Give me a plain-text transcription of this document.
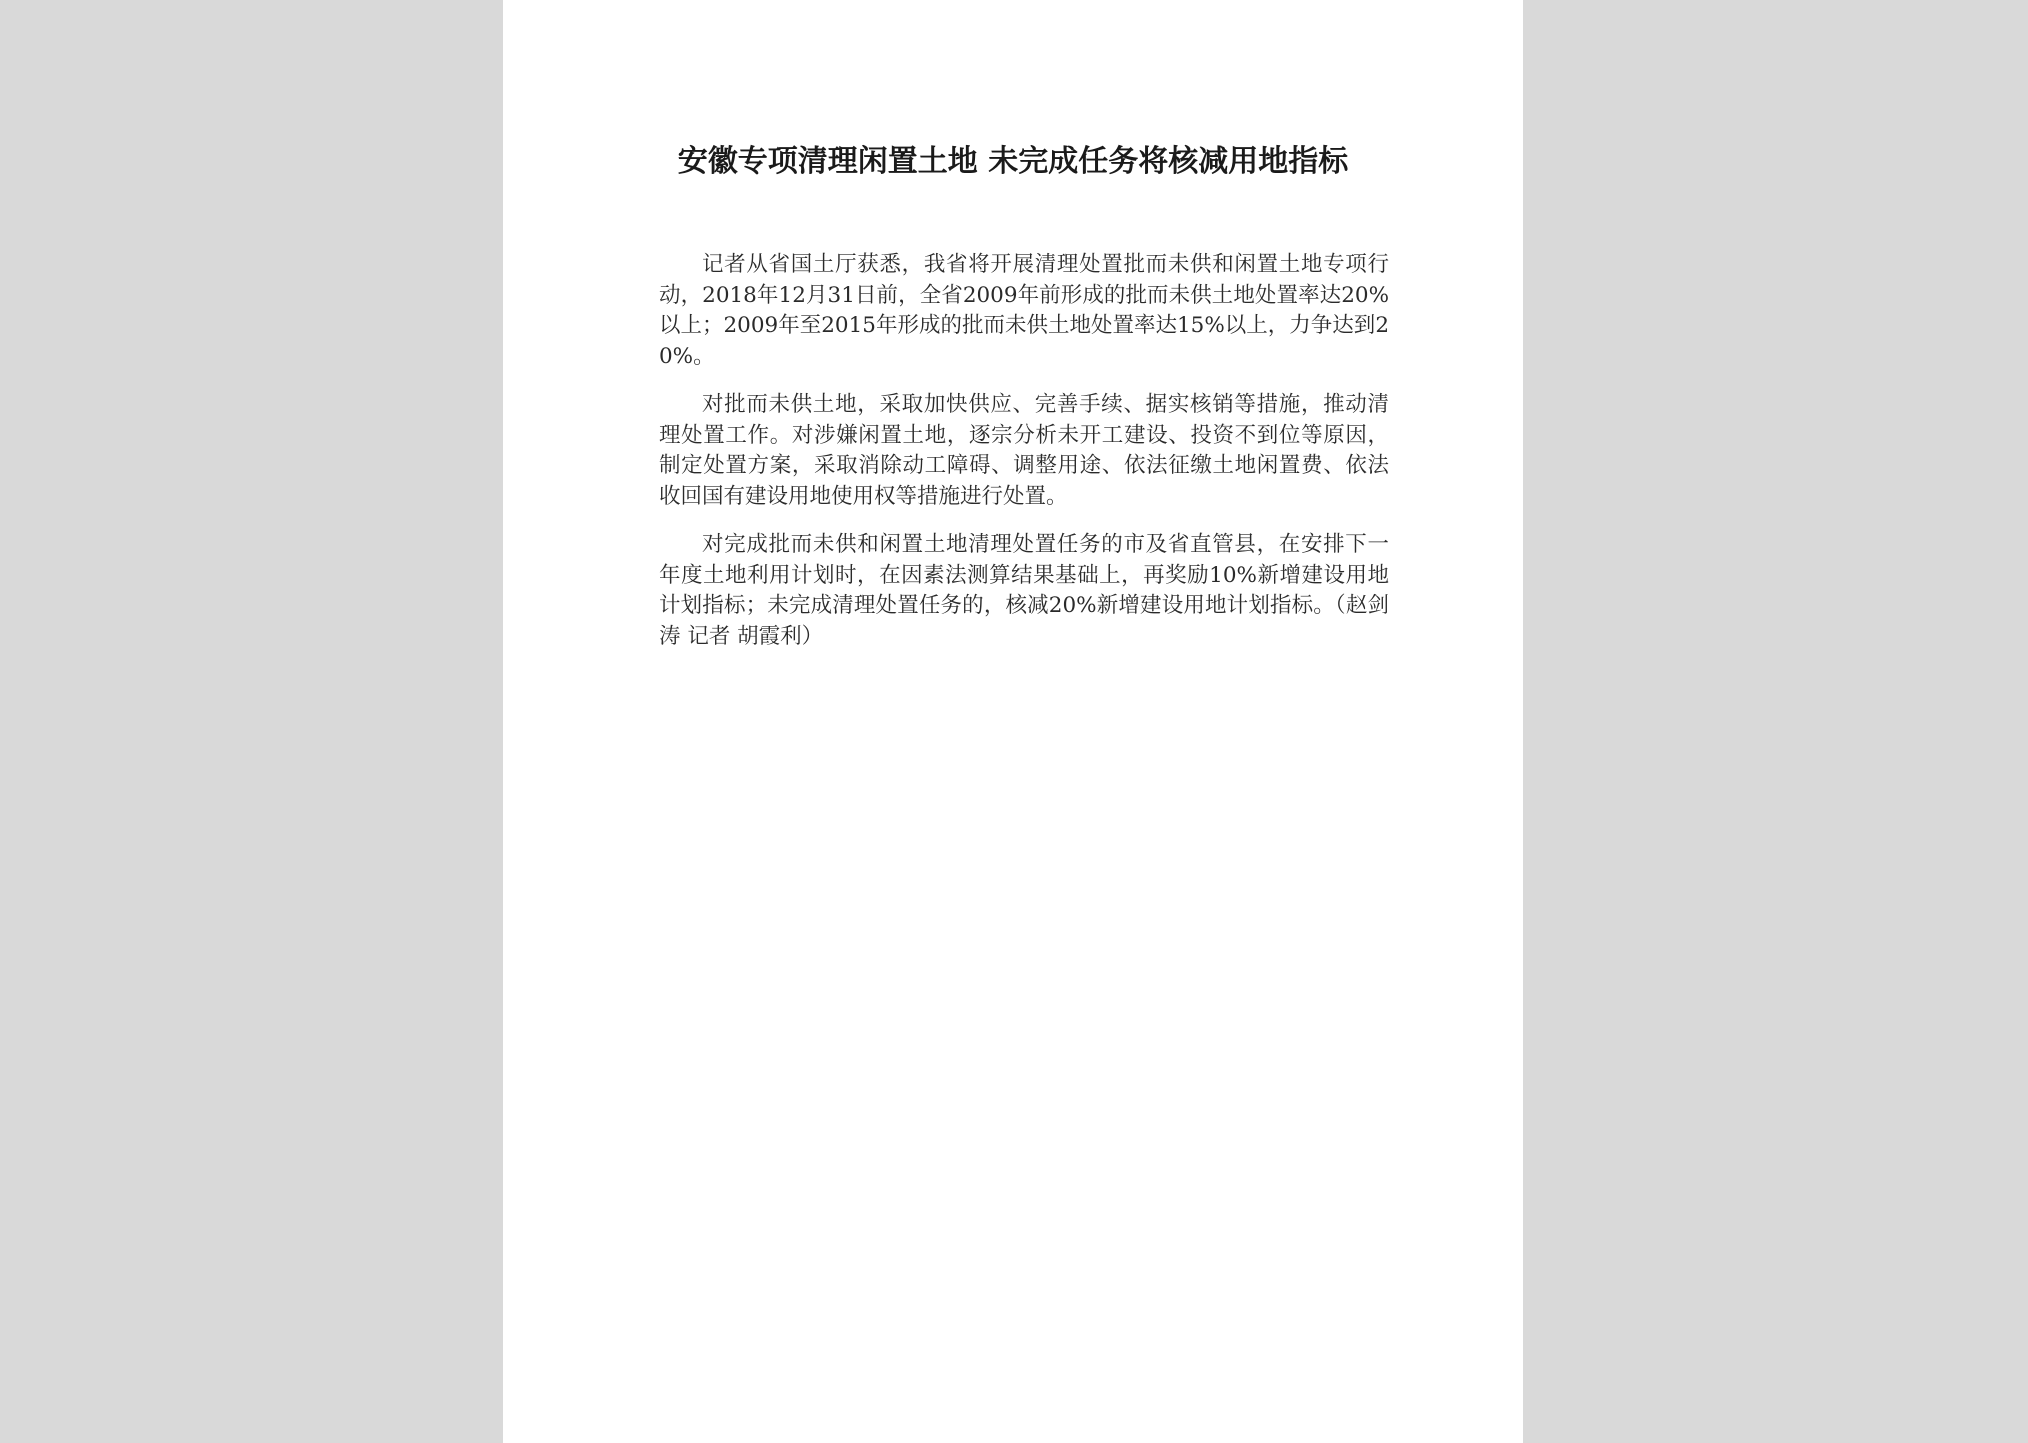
安徽专项清理闲置土地 未完成任务将核减用地指标

记者从省国土厅获悉，我省将开展清理处置批而未供和闲置土地专项行动，2018年12月31日前，全省2009年前形成的批而未供土地处置率达20%以上；2009年至2015年形成的批而未供土地处置率达15%以上，力争达到20%。

对批而未供土地，采取加快供应、完善手续、据实核销等措施，推动清理处置工作。对涉嫌闲置土地，逐宗分析未开工建设、投资不到位等原因，制定处置方案，采取消除动工障碍、调整用途、依法征缴土地闲置费、依法收回国有建设用地使用权等措施进行处置。

对完成批而未供和闲置土地清理处置任务的市及省直管县，在安排下一年度土地利用计划时，在因素法测算结果基础上，再奖励10%新增建设用地计划指标；未完成清理处置任务的，核减20%新增建设用地计划指标。（赵剑涛 记者 胡霞利）
